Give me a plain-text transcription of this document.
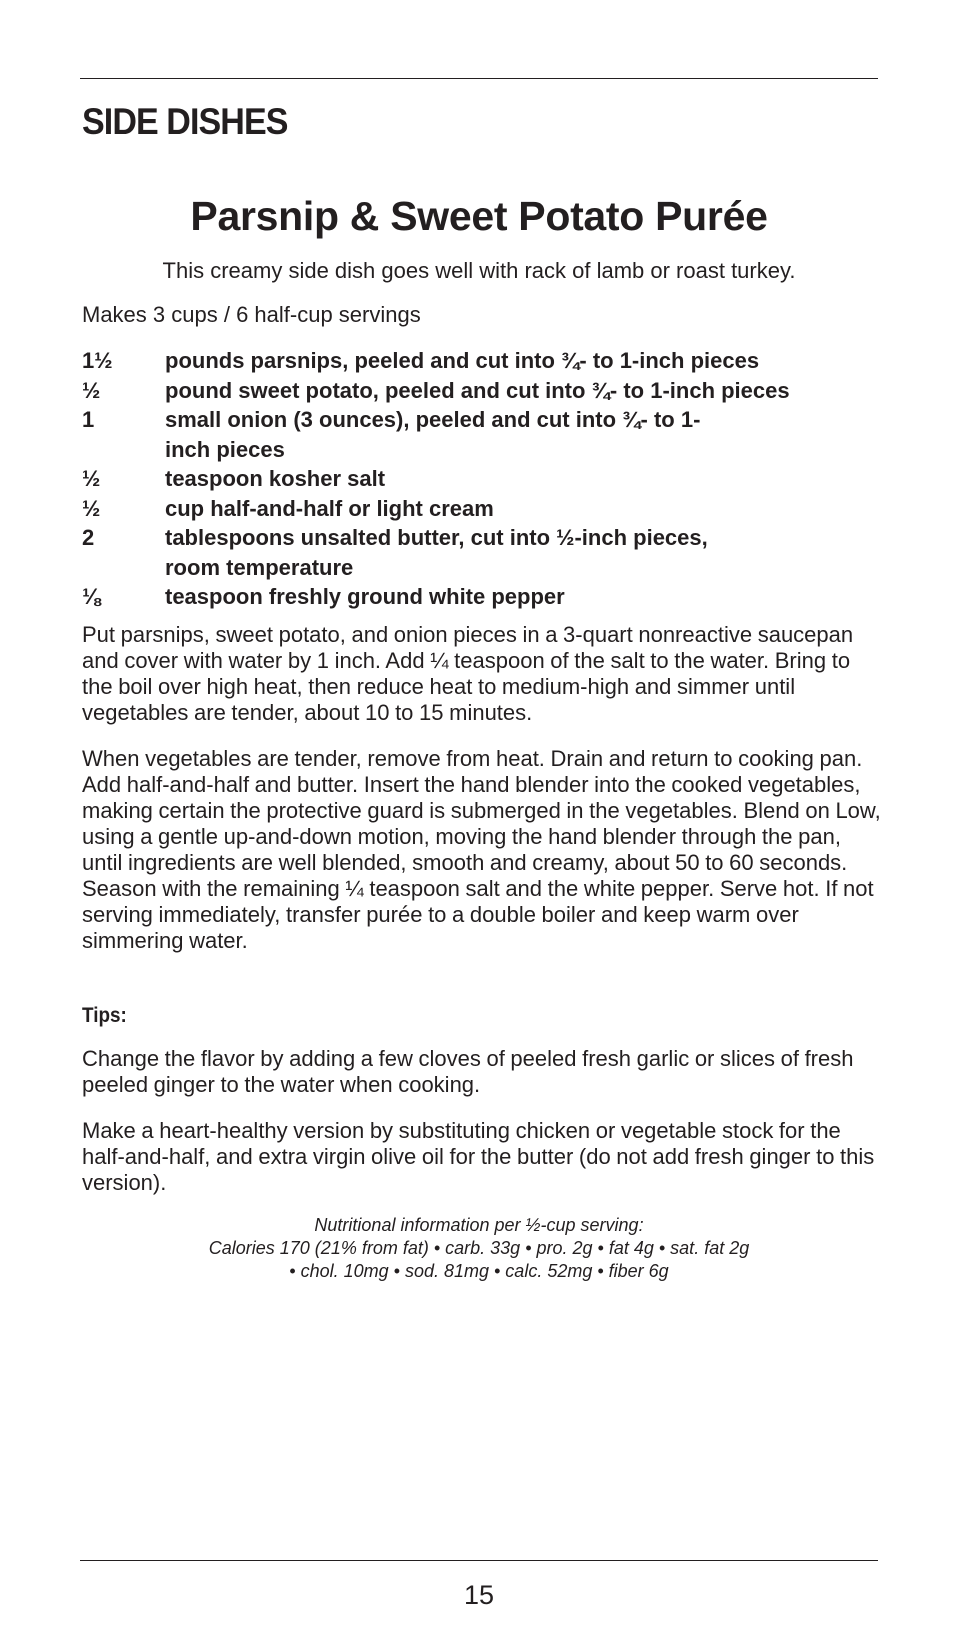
SIDE DISHES
Parsnip & Sweet Potato Purée

This creamy side dish goes well with rack of lamb or roast turkey.

Makes 3 cups / 6 half-cup servings

1½	pounds parsnips, peeled and cut into ¾- to 1-inch pieces
½	pound sweet potato, peeled and cut into ¾- to 1-inch pieces
1	small onion (3 ounces), peeled and cut into ¾- to 1-inch pieces
½	teaspoon kosher salt
½	cup half-and-half or light cream
2	tablespoons unsalted butter, cut into ½-inch pieces, room temperature
⅛	teaspoon freshly ground white pepper

Put parsnips, sweet potato, and onion pieces in a 3-quart nonreactive saucepan and cover with water by 1 inch. Add ¼ teaspoon of the salt to the water. Bring to the boil over high heat, then reduce heat to medium-high and simmer until vegetables are tender, about 10 to 15 minutes.

When vegetables are tender, remove from heat. Drain and return to cooking pan. Add half-and-half and butter. Insert the hand blender into the cooked vegetables, making certain the protective guard is submerged in the vegetables. Blend on Low, using a gentle up-and-down motion, moving the hand blender through the pan, until ingredients are well blended, smooth and creamy, about 50 to 60 seconds. Season with the remaining ¼ teaspoon salt and the white pepper. Serve hot. If not serving immediately, transfer purée to a double boiler and keep warm over simmering water.

Tips:

Change the flavor by adding a few cloves of peeled fresh garlic or slices of fresh peeled ginger to the water when cooking.

Make a heart-healthy version by substituting chicken or vegetable stock for the half-and-half, and extra virgin olive oil for the butter (do not add fresh ginger to this version).

Nutritional information per ½-cup serving:
Calories 170 (21% from fat) • carb. 33g • pro. 2g • fat 4g • sat. fat 2g
• chol. 10mg • sod. 81mg • calc. 52mg • fiber 6g
15
